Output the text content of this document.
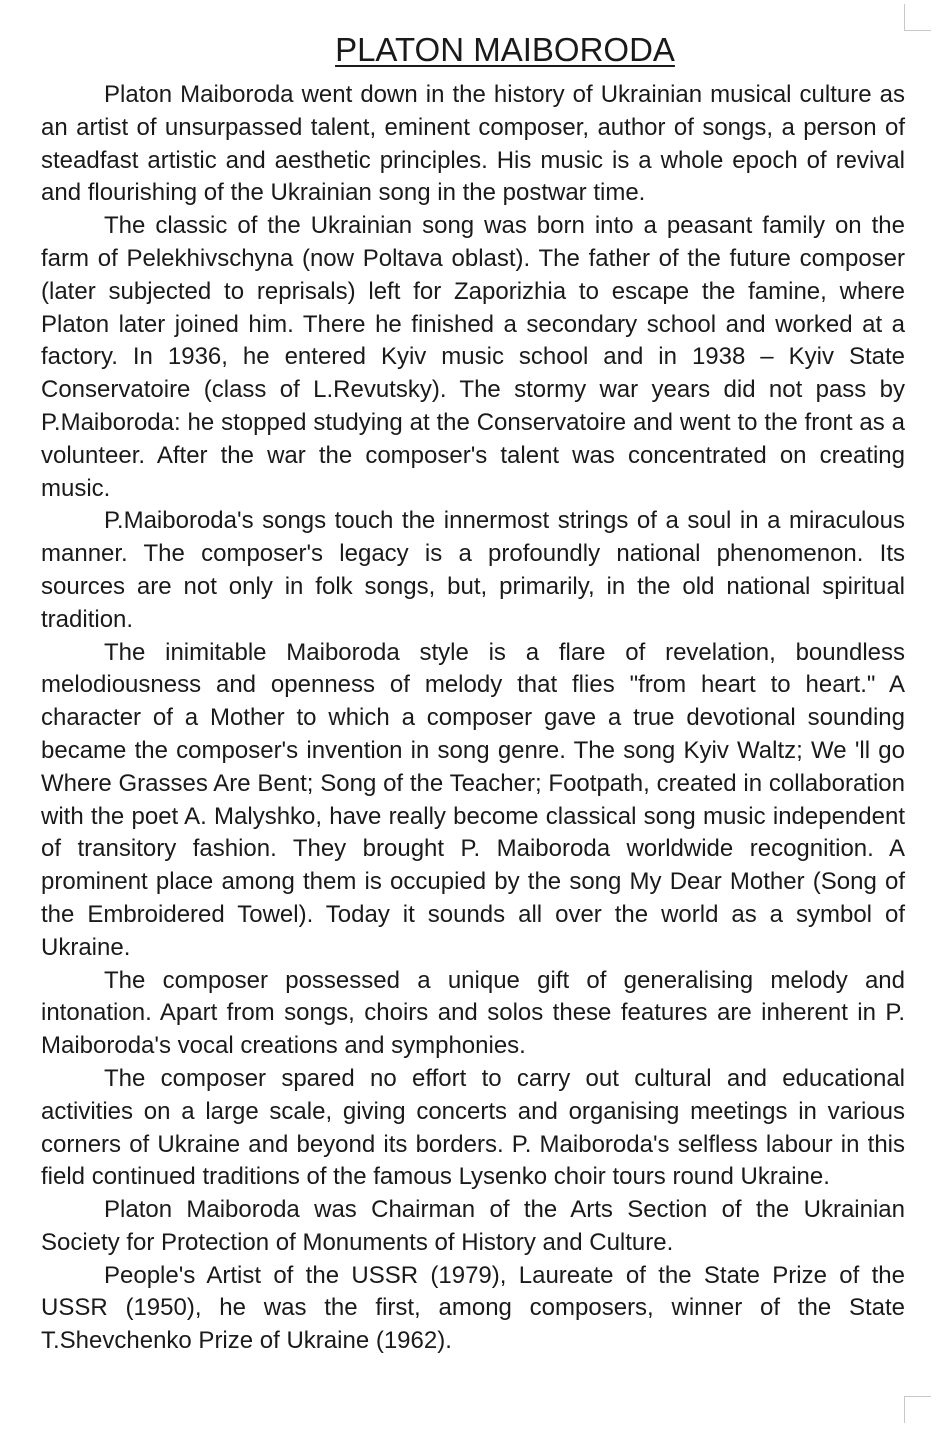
PLATON MAIBORODA

Platon Maiboroda went down in the history of Ukrainian musical culture as an artist of unsurpassed talent, eminent composer, author of songs, a person of steadfast artistic and aesthetic principles. His music is a whole epoch of revival and flourishing of the Ukrainian song in the postwar time.

The classic of the Ukrainian song was born into a peasant family on the farm of Pelekhivschyna (now Poltava oblast). The father of the future composer (later subjected to reprisals) left for Zaporizhia to escape the famine, where Platon later joined him. There he finished a secondary school and worked at a factory. In 1936, he entered Kyiv music school and in 1938 – Kyiv State Conservatoire (class of L.Revutsky). The stormy war years did not pass by P.Maiboroda: he stopped studying at the Conservatoire and went to the front as a volunteer. After the war the composer's talent was concentrated on creating music.

P.Maiboroda's songs touch the innermost strings of a soul in a miraculous manner. The composer's legacy is a profoundly national phenomenon. Its sources are not only in folk songs, but, primarily, in the old national spiritual tradition.

The inimitable Maiboroda style is a flare of revelation, boundless melodiousness and openness of melody that flies "from heart to heart." A character of a Mother to which a composer gave a true devotional sounding became the composer's invention in song genre. The song Kyiv Waltz; We 'll go Where Grasses Are Bent; Song of the Teacher; Footpath, created in collaboration with the poet A. Malyshko, have really become classical song music independent of transitory fashion. They brought P. Maiboroda worldwide recognition. A prominent place among them is occupied by the song My Dear Mother (Song of the Embroidered Towel). Today it sounds all over the world as a symbol of Ukraine.

The composer possessed a unique gift of generalising melody and intonation. Apart from songs, choirs and solos these features are inherent in P. Maiboroda's vocal creations and symphonies.

The composer spared no effort to carry out cultural and educational activities on a large scale, giving concerts and organising meetings in various corners of Ukraine and beyond its borders. P. Maiboroda's selfless labour in this field continued traditions of the famous Lysenko choir tours round Ukraine.

Platon Maiboroda was Chairman of the Arts Section of the Ukrainian Society for Protection of Monuments of History and Culture.

People's Artist of the USSR (1979), Laureate of the State Prize of the USSR (1950), he was the first, among composers, winner of the State T.Shevchenko Prize of Ukraine (1962).
